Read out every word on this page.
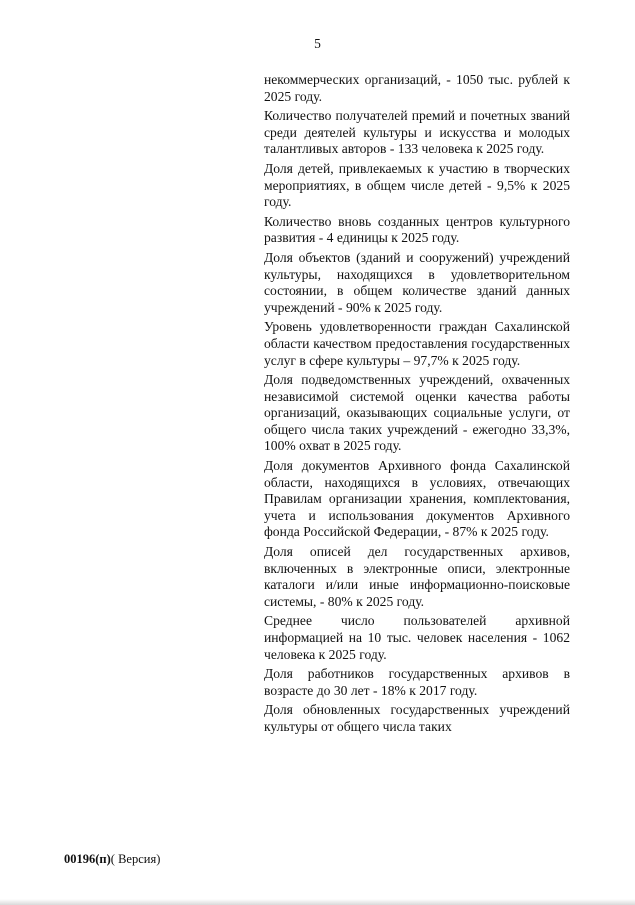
5

некоммерческих организаций, - 1050 тыс. рублей к 2025 году.

Количество получателей премий и почетных званий среди деятелей культуры и искусства и молодых талантливых авторов - 133 человека к 2025 году.

Доля детей, привлекаемых к участию в творческих мероприятиях, в общем числе детей - 9,5% к 2025 году.

Количество вновь созданных центров культурного развития - 4 единицы к 2025 году.

Доля объектов (зданий и сооружений) учреждений культуры, находящихся в удовлетворительном состоянии, в общем количестве зданий данных учреждений - 90% к 2025 году.

Уровень удовлетворенности граждан Сахалинской области качеством предоставления государственных услуг в сфере культуры – 97,7% к 2025 году.

Доля подведомственных учреждений, охваченных независимой системой оценки качества работы организаций, оказывающих социальные услуги, от общего числа таких учреждений - ежегодно 33,3%, 100% охват в 2025 году.

Доля документов Архивного фонда Сахалинской области, находящихся в условиях, отвечающих Правилам организации хранения, комплектования, учета и использования документов Архивного фонда Российской Федерации, - 87% к 2025 году.

Доля описей дел государственных архивов, включенных в электронные описи, электронные каталоги и/или иные информационно-поисковые системы, - 80% к 2025 году.

Среднее число пользователей архивной информацией на 10 тыс. человек населения - 1062 человека к 2025 году.

Доля работников государственных архивов в возрасте до 30 лет - 18% к 2017 году.

Доля обновленных государственных учреждений культуры от общего числа таких

00196(п)( Версия)
